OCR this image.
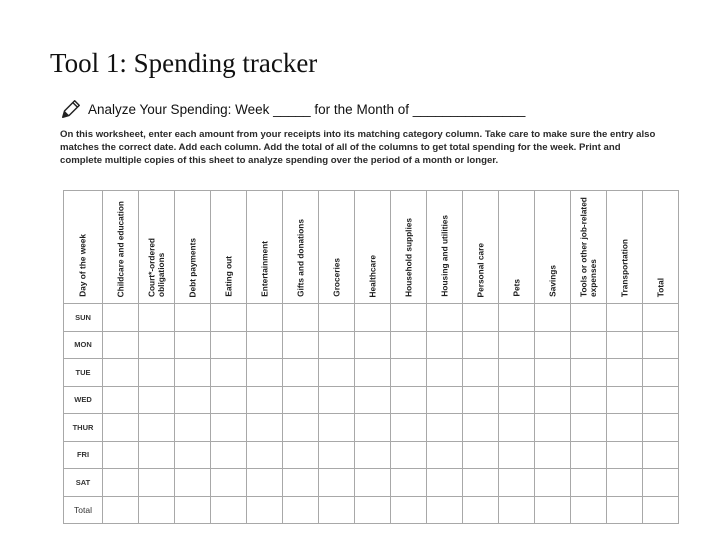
Tool 1: Spending tracker
Analyze Your Spending: Week _____ for the Month of _______________
On this worksheet, enter each amount from your receipts into its matching category column. Take care to make sure the entry also matches the correct date. Add each column. Add the total of all of the columns to get total spending for the week. Print and complete multiple copies of this sheet to analyze spending over the period of a month or longer.
Day of the week	Childcare and education	Court*-ordered obligations	Debt payments	Eating out	Entertainment	Gifts and donations	Groceries	Healthcare	Household supplies	Housing and utilities	Personal care	Pets	Savings	Tools or other job-related expenses	Transportation	Total

SUN																
MON																
TUE																
WED																
THUR																
FRI																
SAT																
Total																
